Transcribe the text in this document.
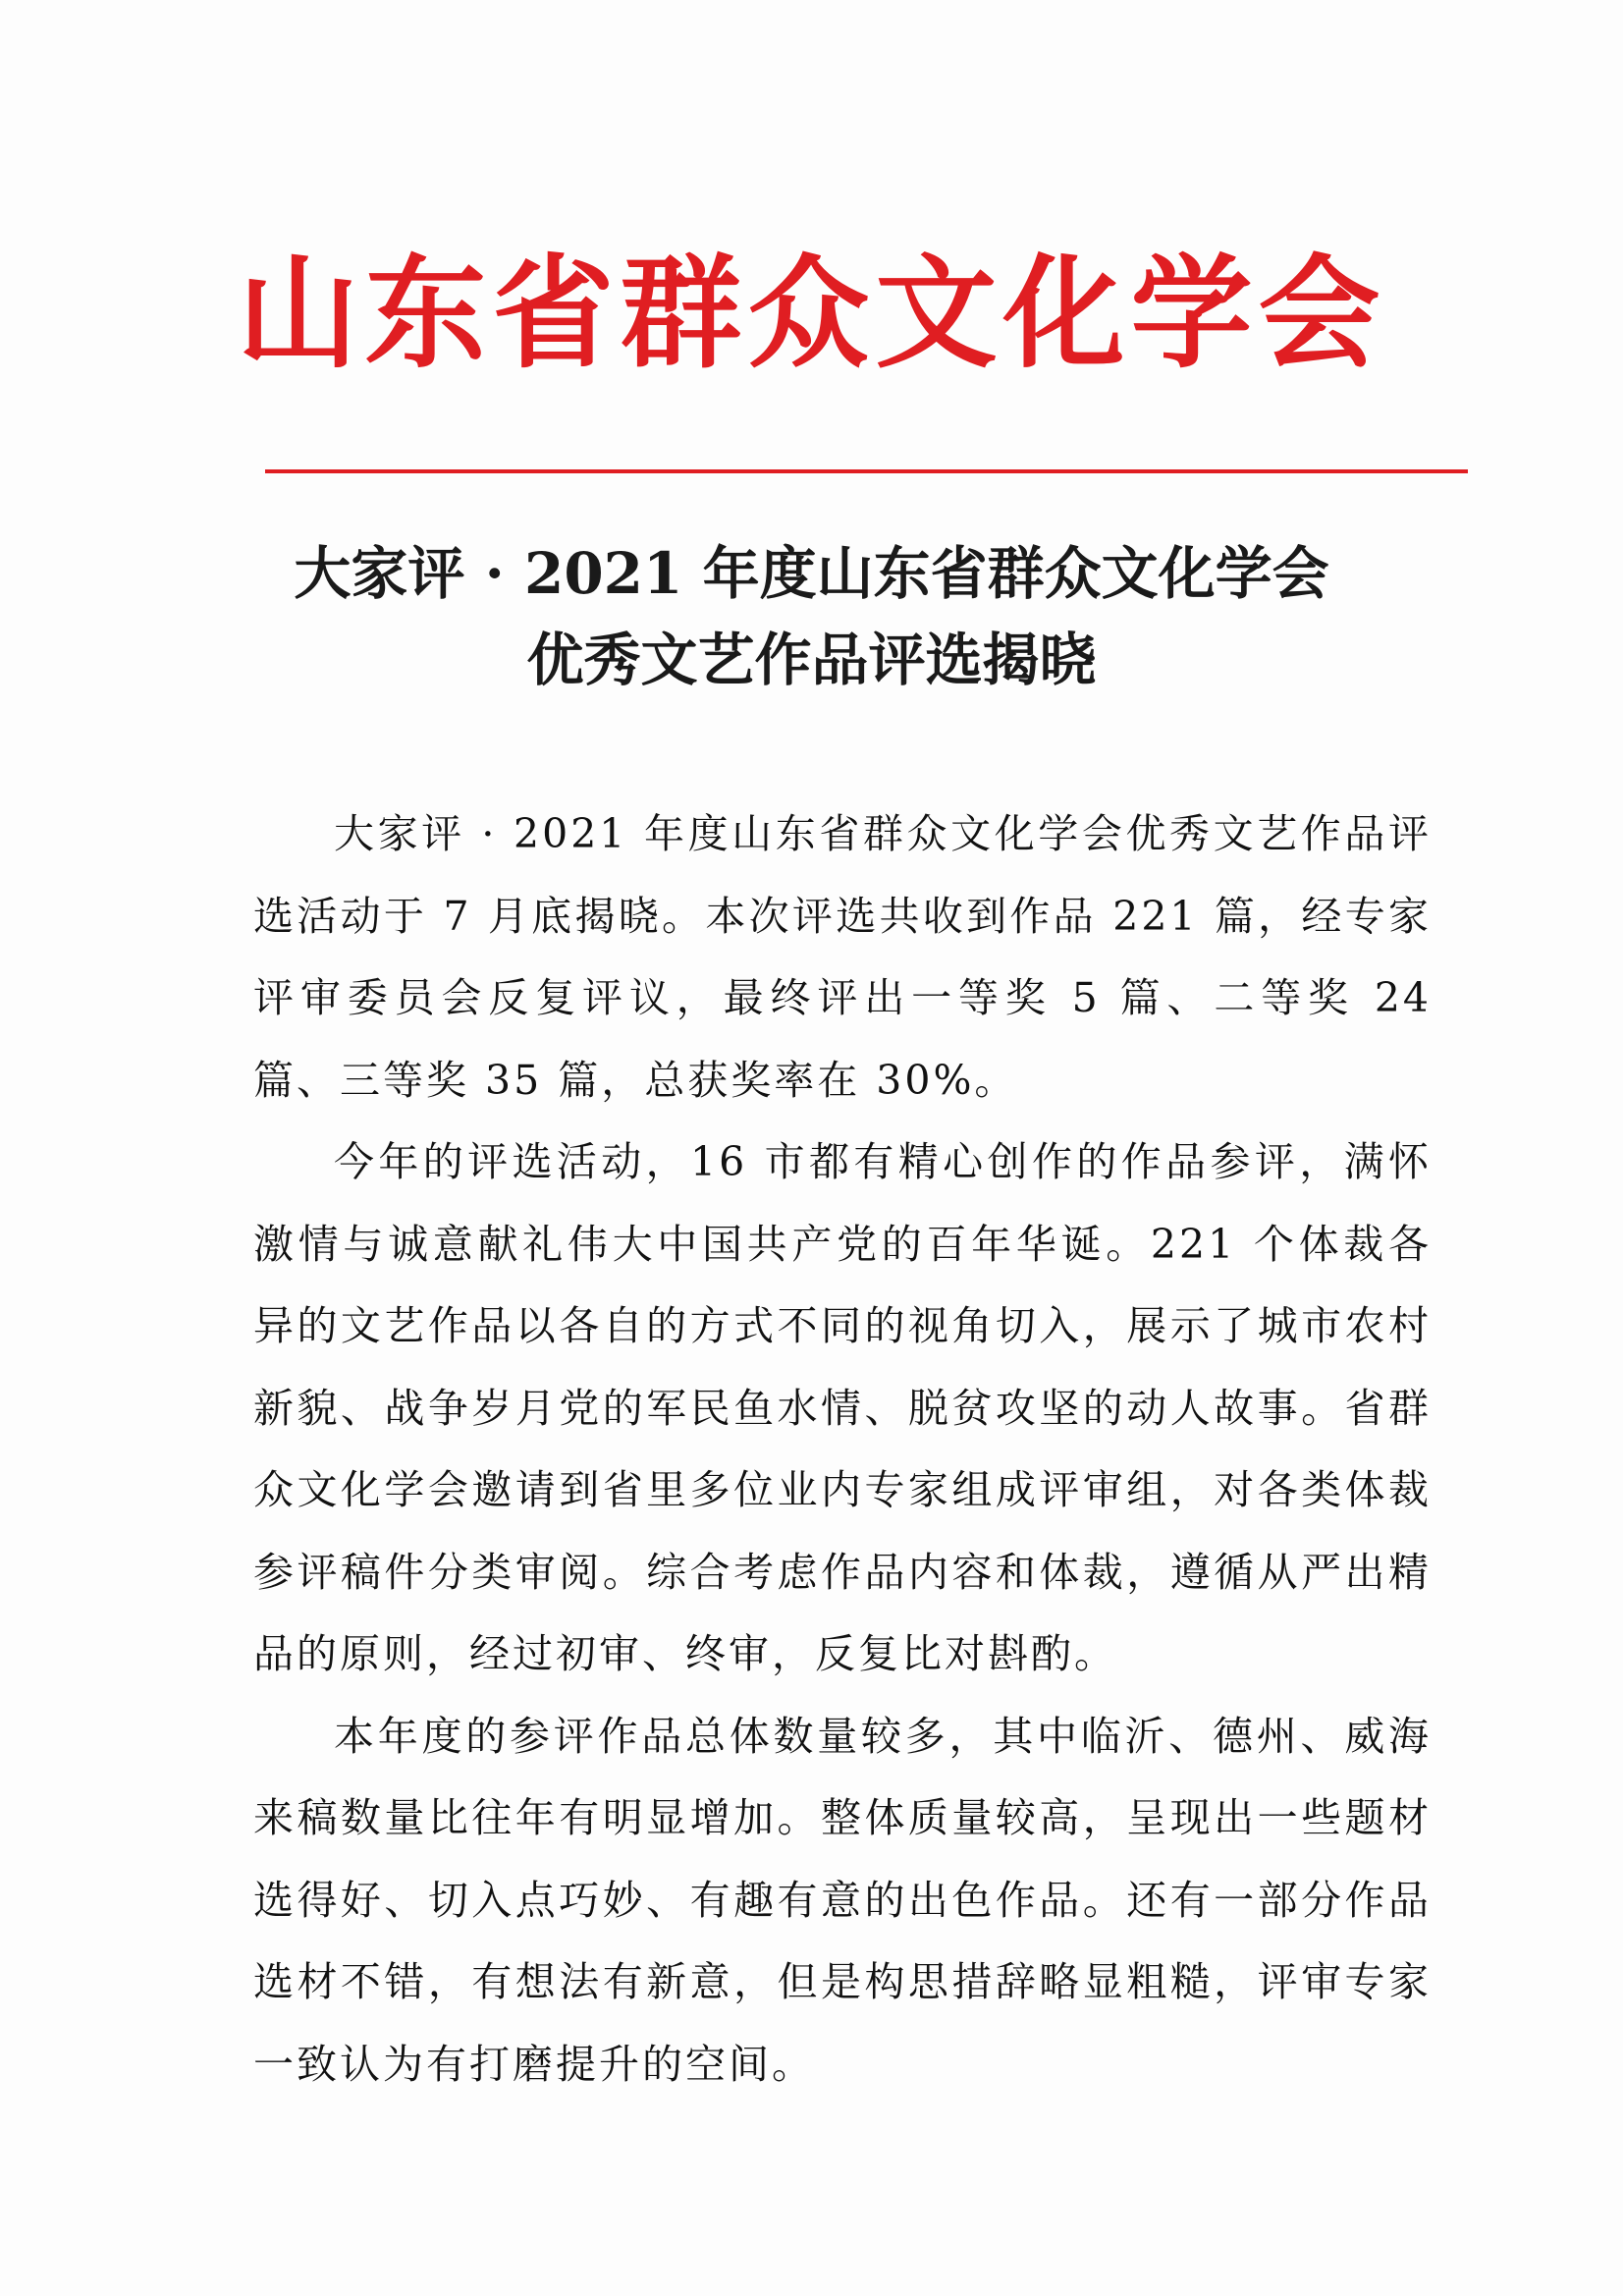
山东省群众文化学会
大家评 · 2021 年度山东省群众文化学会
优秀文艺作品评选揭晓

大家评 · 2021 年度山东省群众文化学会优秀文艺作品评选活动于 7 月底揭晓。本次评选共收到作品 221 篇，经专家评审委员会反复评议，最终评出一等奖 5 篇、二等奖 24 篇、三等奖 35 篇，总获奖率在 30%。

今年的评选活动，16 市都有精心创作的作品参评，满怀激情与诚意献礼伟大中国共产党的百年华诞。221 个体裁各异的文艺作品以各自的方式不同的视角切入，展示了城市农村新貌、战争岁月党的军民鱼水情、脱贫攻坚的动人故事。省群众文化学会邀请到省里多位业内专家组成评审组，对各类体裁参评稿件分类审阅。综合考虑作品内容和体裁，遵循从严出精品的原则，经过初审、终审，反复比对斟酌。

本年度的参评作品总体数量较多，其中临沂、德州、威海来稿数量比往年有明显增加。整体质量较高，呈现出一些题材选得好、切入点巧妙、有趣有意的出色作品。还有一部分作品选材不错，有想法有新意，但是构思措辞略显粗糙，评审专家一致认为有打磨提升的空间。
